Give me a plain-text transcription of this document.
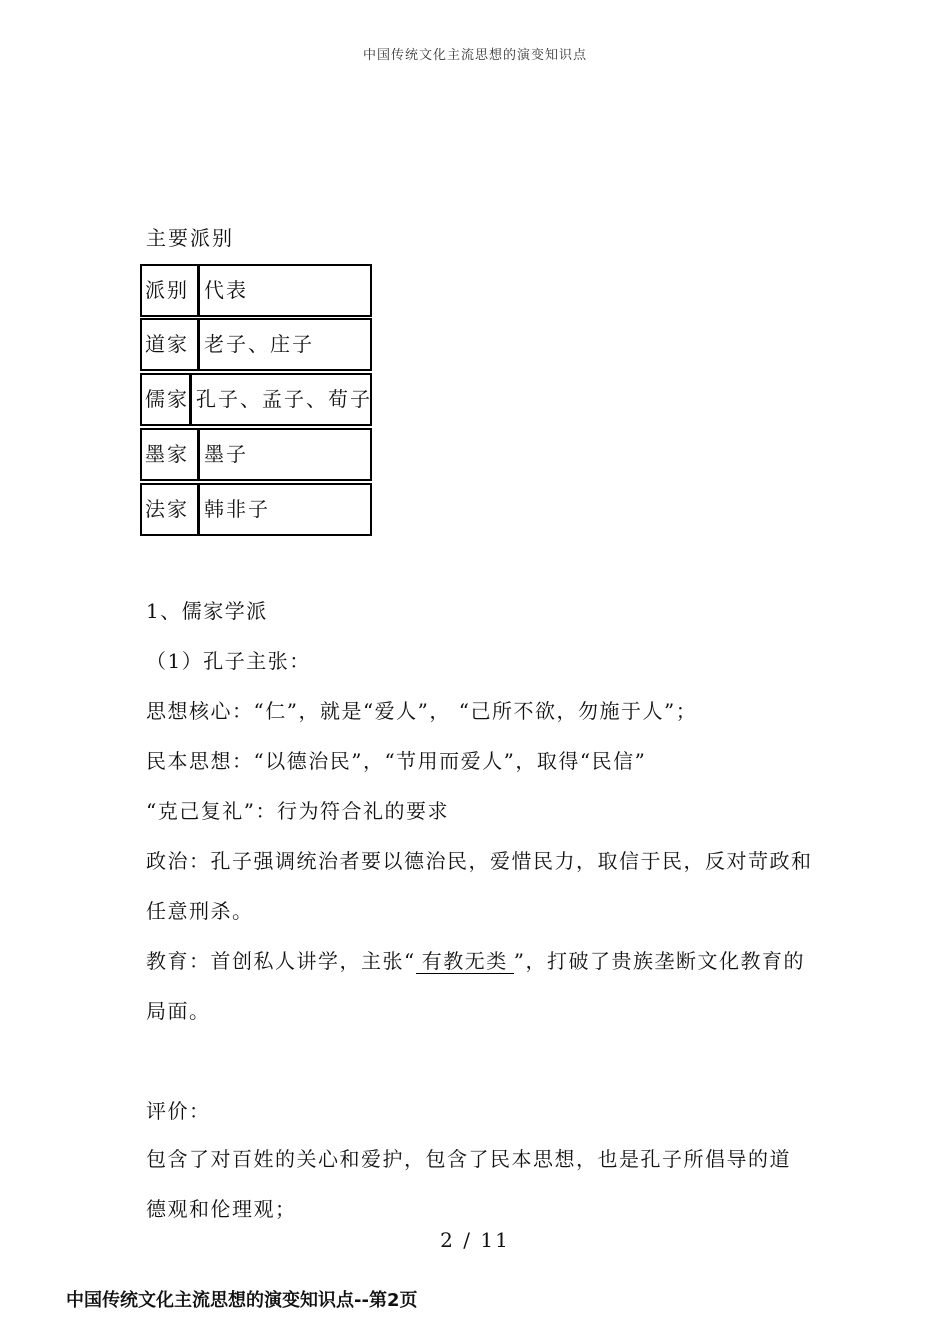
中国传统文化主流思想的演变知识点
主要派别
派别 代表
道家 老子、庄子
儒家 孔子、孟子、荀子
墨家 墨子
法家 韩非子
1、儒家学派
（1）孔子主张：
思想核心：“仁”，就是“爱人”， “己所不欲，勿施于人”；
民本思想：“以德治民”，“节用而爱人”，取得“民信”
“克己复礼”：行为符合礼的要求
政治：孔子强调统治者要以德治民，爱惜民力，取信于民，反对苛政和
任意刑杀。
教育：首创私人讲学，主张“ 有教无类 ”，打破了贵族垄断文化教育的
局面。
评价：
包含了对百姓的关心和爱护，包含了民本思想，也是孔子所倡导的道
德观和伦理观；
2 / 11
中国传统文化主流思想的演变知识点--第2页
